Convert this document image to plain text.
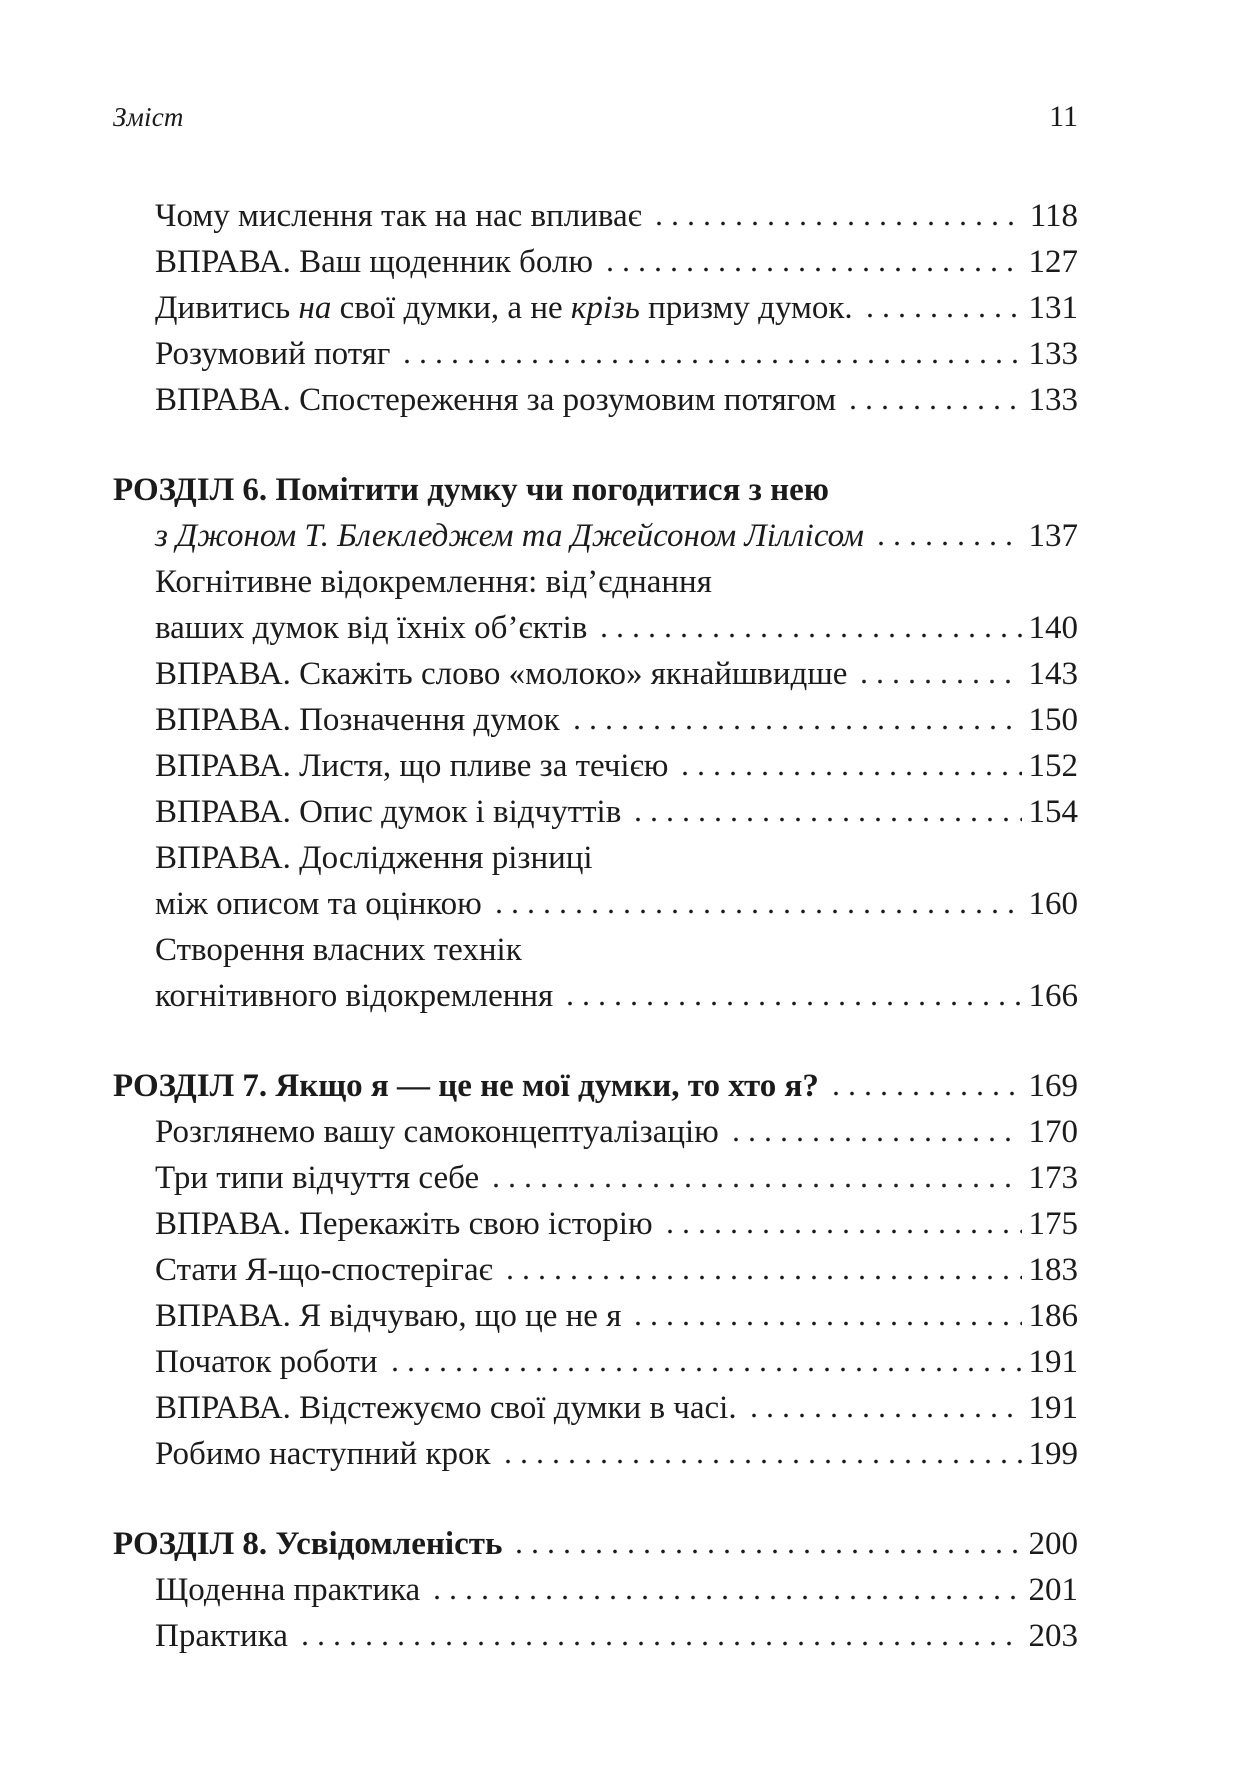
Зміст	11
Чому мислення так на нас впливає	118
ВПРАВА. Ваш щоденник болю	127
Дивитись на свої думки, а не крізь призму думок.	131
Розумовий потяг	133
ВПРАВА. Спостереження за розумовим потягом	133
РОЗДІЛ 6. Помітити думку чи погодитися з нею
з Джоном Т. Блекледжем та Джейсоном Ліллісом	137
Когнітивне відокремлення: від’єднання
ваших думок від їхніх об’єктів	140
ВПРАВА. Скажіть слово «молоко» якнайшвидше	143
ВПРАВА. Позначення думок	150
ВПРАВА. Листя, що пливе за течією	152
ВПРАВА. Опис думок і відчуттів	154
ВПРАВА. Дослідження різниці
між описом та оцінкою	160
Створення власних технік
когнітивного відокремлення	166
РОЗДІЛ 7. Якщо я — це не мої думки, то хто я?	169
Розглянемо вашу самоконцептуалізацію	170
Три типи відчуття себе	173
ВПРАВА. Перекажіть свою історію	175
Стати Я-що-спостерігає	183
ВПРАВА. Я відчуваю, що це не я	186
Початок роботи	191
ВПРАВА. Відстежуємо свої думки в часі.	191
Робимо наступний крок	199
РОЗДІЛ 8. Усвідомленість	200
Щоденна практика	201
Практика	203
